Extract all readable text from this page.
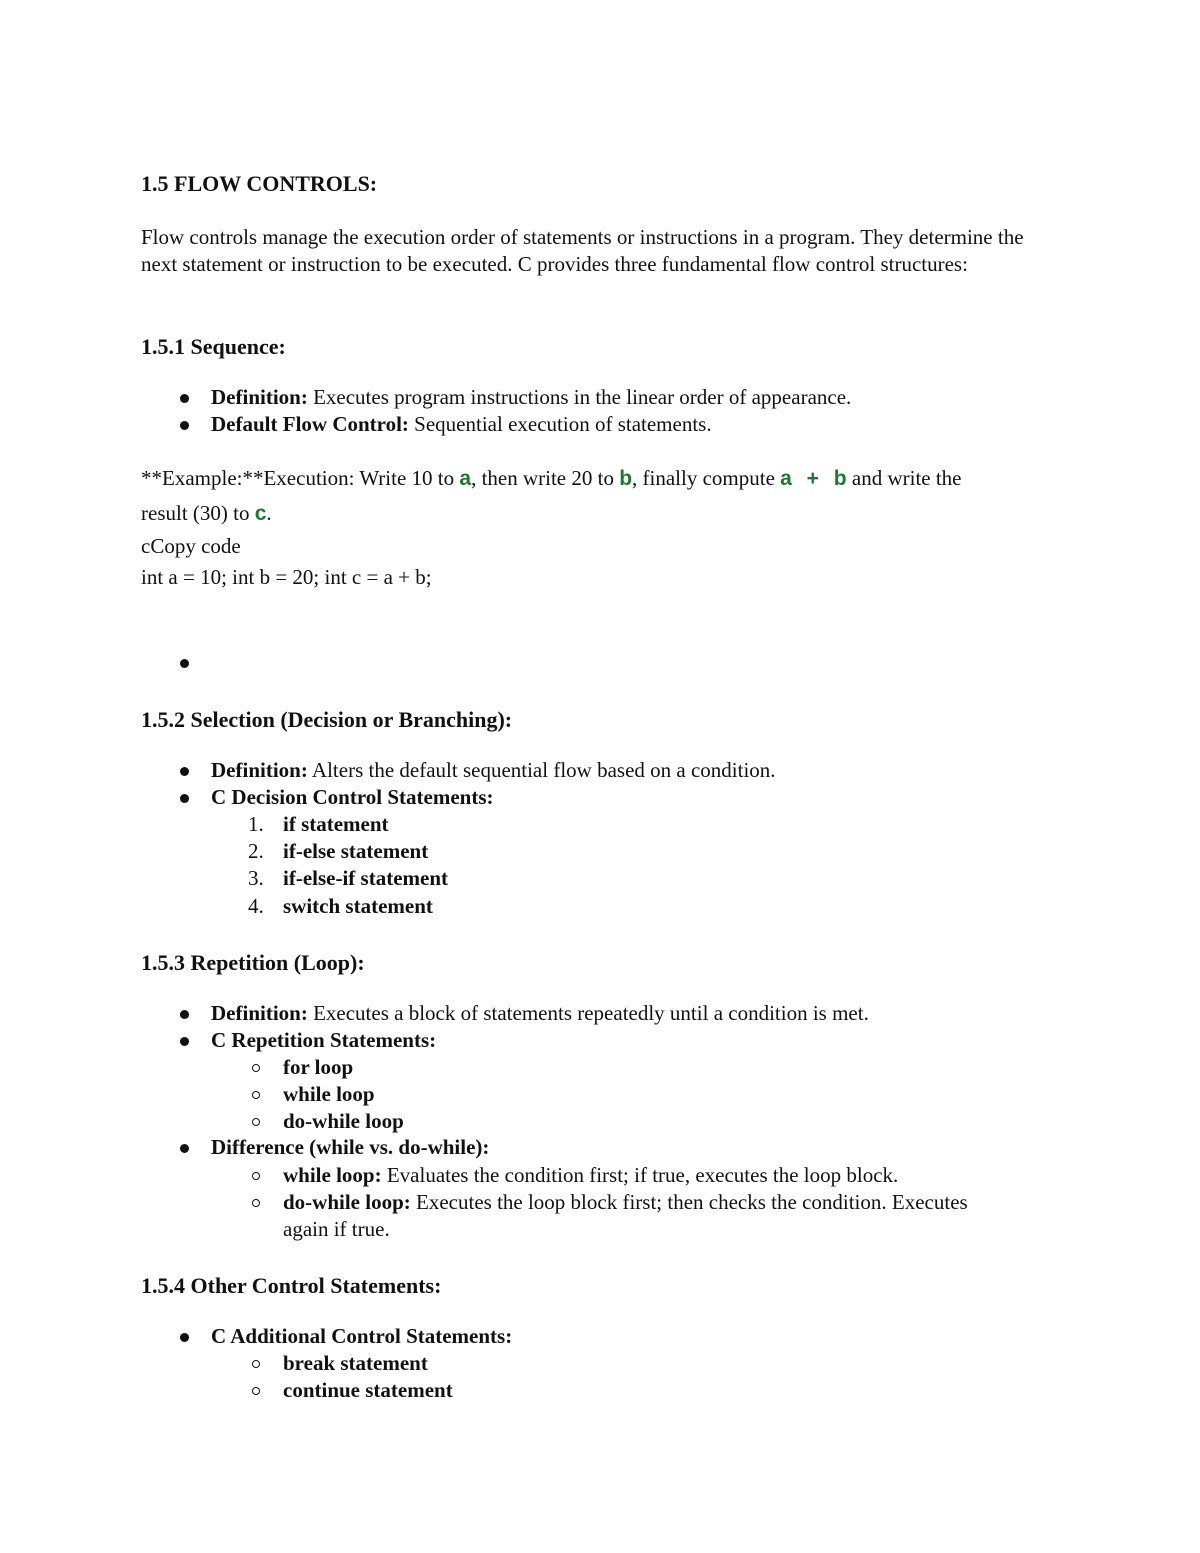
1.5 FLOW CONTROLS:
Flow controls manage the execution order of statements or instructions in a program. They determine the next statement or instruction to be executed. C provides three fundamental flow control structures:
1.5.1 Sequence:
Definition: Executes program instructions in the linear order of appearance.
Default Flow Control: Sequential execution of statements.
**Example:**Execution: Write 10 to a, then write 20 to b, finally compute a + b and write the
result (30) to c.
cCopy code
int a = 10; int b = 20; int c = a + b;
1.5.2 Selection (Decision or Branching):
Definition: Alters the default sequential flow based on a condition.
C Decision Control Statements:
1. if statement
2. if-else statement
3. if-else-if statement
4. switch statement
1.5.3 Repetition (Loop):
Definition: Executes a block of statements repeatedly until a condition is met.
C Repetition Statements:
for loop
while loop
do-while loop
Difference (while vs. do-while):
while loop: Evaluates the condition first; if true, executes the loop block.
do-while loop: Executes the loop block first; then checks the condition. Executes
again if true.
1.5.4 Other Control Statements:
C Additional Control Statements:
break statement
continue statement
